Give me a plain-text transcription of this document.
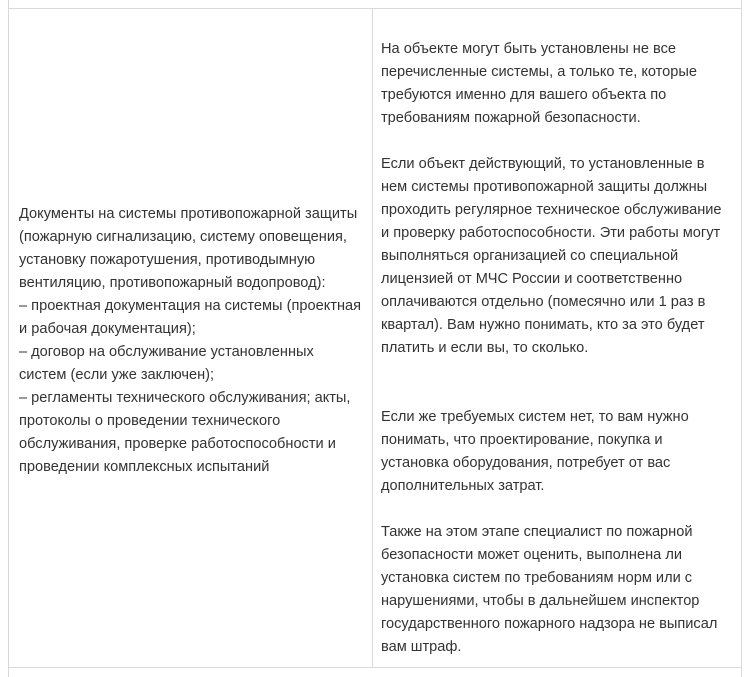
Документы на системы противопожарной защиты (пожарную сигнализацию, систему оповещения, установку пожаротушения, противодымную вентиляцию, противопожарный водопровод):
– проектная документация на системы (проектная и рабочая документация);
– договор на обслуживание установленных систем (если уже заключен);
– регламенты технического обслуживания; акты, протоколы о проведении технического обслуживания, проверке работоспособности и проведении комплексных испытаний
На объекте могут быть установлены не все перечисленные системы, а только те, которые требуются именно для вашего объекта по требованиям пожарной безопасности.
Если объект действующий, то установленные в нем системы противопожарной защиты должны проходить регулярное техническое обслуживание и проверку работоспособности. Эти работы могут выполняться организацией со специальной лицензией от МЧС России и соответственно оплачиваются отдельно (помесячно или 1 раз в квартал). Вам нужно понимать, кто за это будет платить и если вы, то сколько.
Если же требуемых систем нет, то вам нужно понимать, что проектирование, покупка и установка оборудования, потребует от вас дополнительных затрат.
Также на этом этапе специалист по пожарной безопасности может оценить, выполнена ли установка систем по требованиям норм или с нарушениями, чтобы в дальнейшем инспектор государственного пожарного надзора не выписал вам штраф.
